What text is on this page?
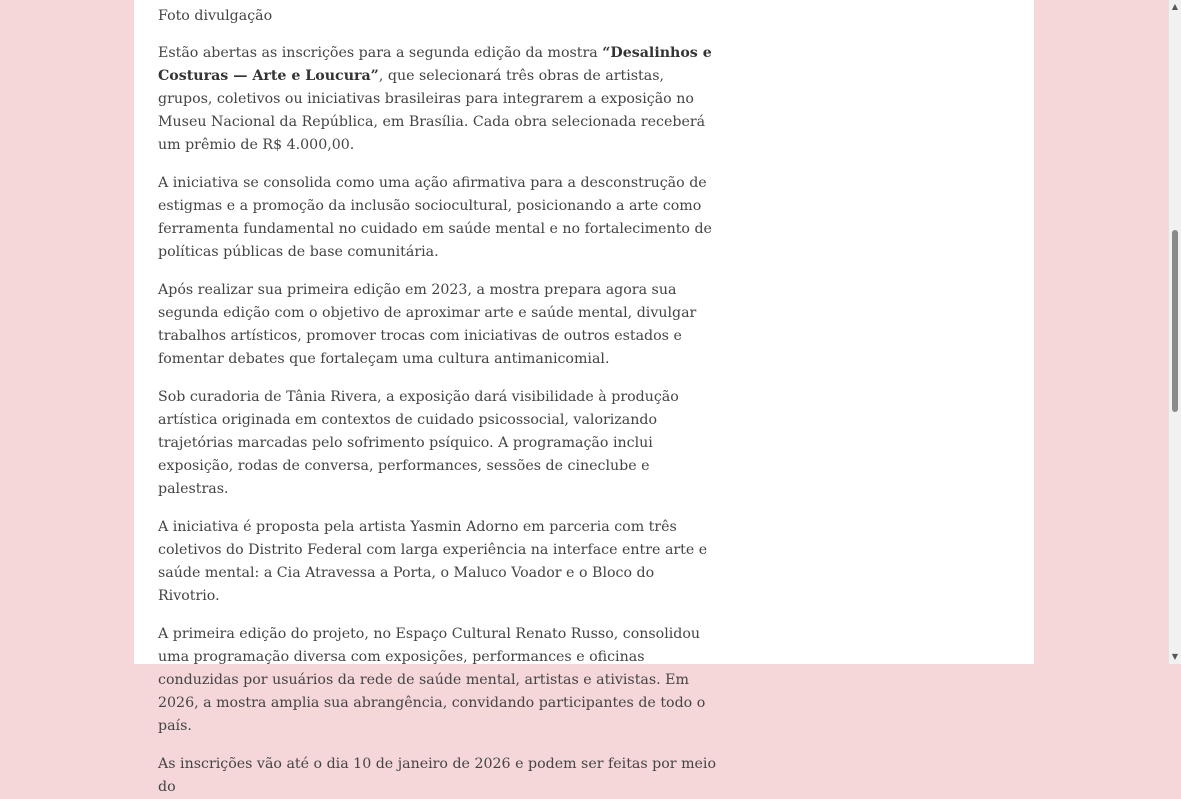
Foto divulgação

Estão abertas as inscrições para a segunda edição da mostra “Desalinhos e Costuras — Arte e Loucura”, que selecionará três obras de artistas, grupos, coletivos ou iniciativas brasileiras para integrarem a exposição no Museu Nacional da República, em Brasília. Cada obra selecionada receberá um prêmio de R$ 4.000,00.

A iniciativa se consolida como uma ação afirmativa para a desconstrução de estigmas e a promoção da inclusão sociocultural, posicionando a arte como ferramenta fundamental no cuidado em saúde mental e no fortalecimento de políticas públicas de base comunitária.

Após realizar sua primeira edição em 2023, a mostra prepara agora sua segunda edição com o objetivo de aproximar arte e saúde mental, divulgar trabalhos artísticos, promover trocas com iniciativas de outros estados e fomentar debates que fortaleçam uma cultura antimanicomial.

Sob curadoria de Tânia Rivera, a exposição dará visibilidade à produção artística originada em contextos de cuidado psicossocial, valorizando trajetórias marcadas pelo sofrimento psíquico. A programação inclui exposição, rodas de conversa, performances, sessões de cineclube e palestras.

A iniciativa é proposta pela artista Yasmin Adorno em parceria com três coletivos do Distrito Federal com larga experiência na interface entre arte e saúde mental: a Cia Atravessa a Porta, o Maluco Voador e o Bloco do Rivotrio.

A primeira edição do projeto, no Espaço Cultural Renato Russo, consolidou uma programação diversa com exposições, performances e oficinas conduzidas por usuários da rede de saúde mental, artistas e ativistas. Em 2026, a mostra amplia sua abrangência, convidando participantes de todo o país.

As inscrições vão até o dia 10 de janeiro de 2026 e podem ser feitas por meio do

▲
▼
